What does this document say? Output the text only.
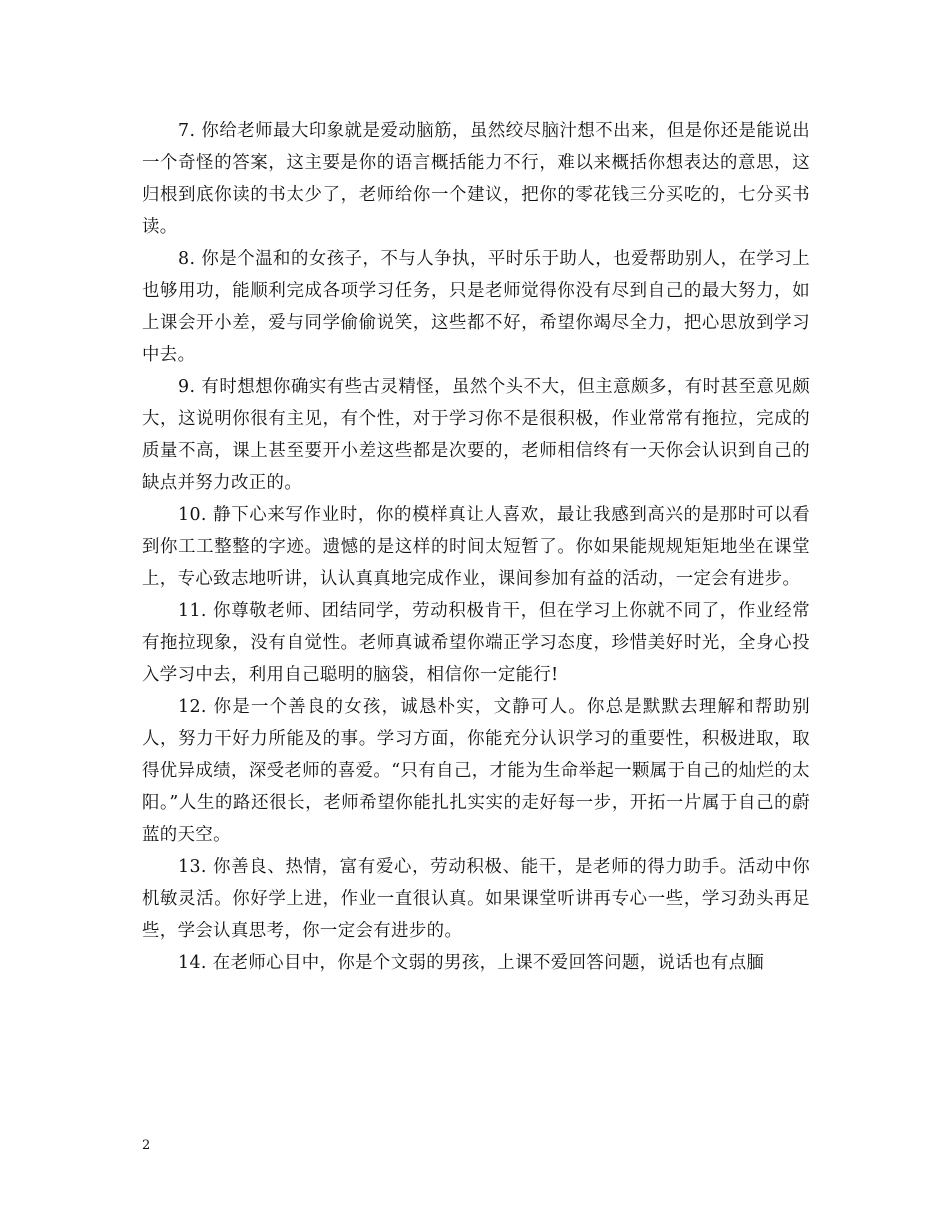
7. 你给老师最大印象就是爱动脑筋，虽然绞尽脑汁想不出来，但是你还是能说出一个奇怪的答案，这主要是你的语言概括能力不行，难以来概括你想表达的意思，这归根到底你读的书太少了，老师给你一个建议，把你的零花钱三分买吃的，七分买书读。

8. 你是个温和的女孩子，不与人争执，平时乐于助人，也爱帮助别人，在学习上也够用功，能顺利完成各项学习任务，只是老师觉得你没有尽到自己的最大努力，如上课会开小差，爱与同学偷偷说笑，这些都不好，希望你竭尽全力，把心思放到学习中去。

9. 有时想想你确实有些古灵精怪，虽然个头不大，但主意颇多，有时甚至意见颇大，这说明你很有主见，有个性，对于学习你不是很积极，作业常常有拖拉，完成的质量不高，课上甚至要开小差这些都是次要的，老师相信终有一天你会认识到自己的缺点并努力改正的。

10. 静下心来写作业时，你的模样真让人喜欢，最让我感到高兴的是那时可以看到你工工整整的字迹。遗憾的是这样的时间太短暂了。你如果能规规矩矩地坐在课堂上，专心致志地听讲，认认真真地完成作业，课间参加有益的活动，一定会有进步。

11. 你尊敬老师、团结同学，劳动积极肯干，但在学习上你就不同了，作业经常有拖拉现象，没有自觉性。老师真诚希望你端正学习态度，珍惜美好时光，全身心投入学习中去，利用自己聪明的脑袋，相信你一定能行!

12. 你是一个善良的女孩，诚恳朴实，文静可人。你总是默默去理解和帮助别人，努力干好力所能及的事。学习方面，你能充分认识学习的重要性，积极进取，取得优异成绩，深受老师的喜爱。“只有自己，才能为生命举起一颗属于自己的灿烂的太阳。”人生的路还很长，老师希望你能扎扎实实的走好每一步，开拓一片属于自己的蔚蓝的天空。

13. 你善良、热情，富有爱心，劳动积极、能干，是老师的得力助手。活动中你机敏灵活。你好学上进，作业一直很认真。如果课堂听讲再专心一些，学习劲头再足些，学会认真思考，你一定会有进步的。

14. 在老师心目中，你是个文弱的男孩，上课不爱回答问题，说话也有点腼

2
